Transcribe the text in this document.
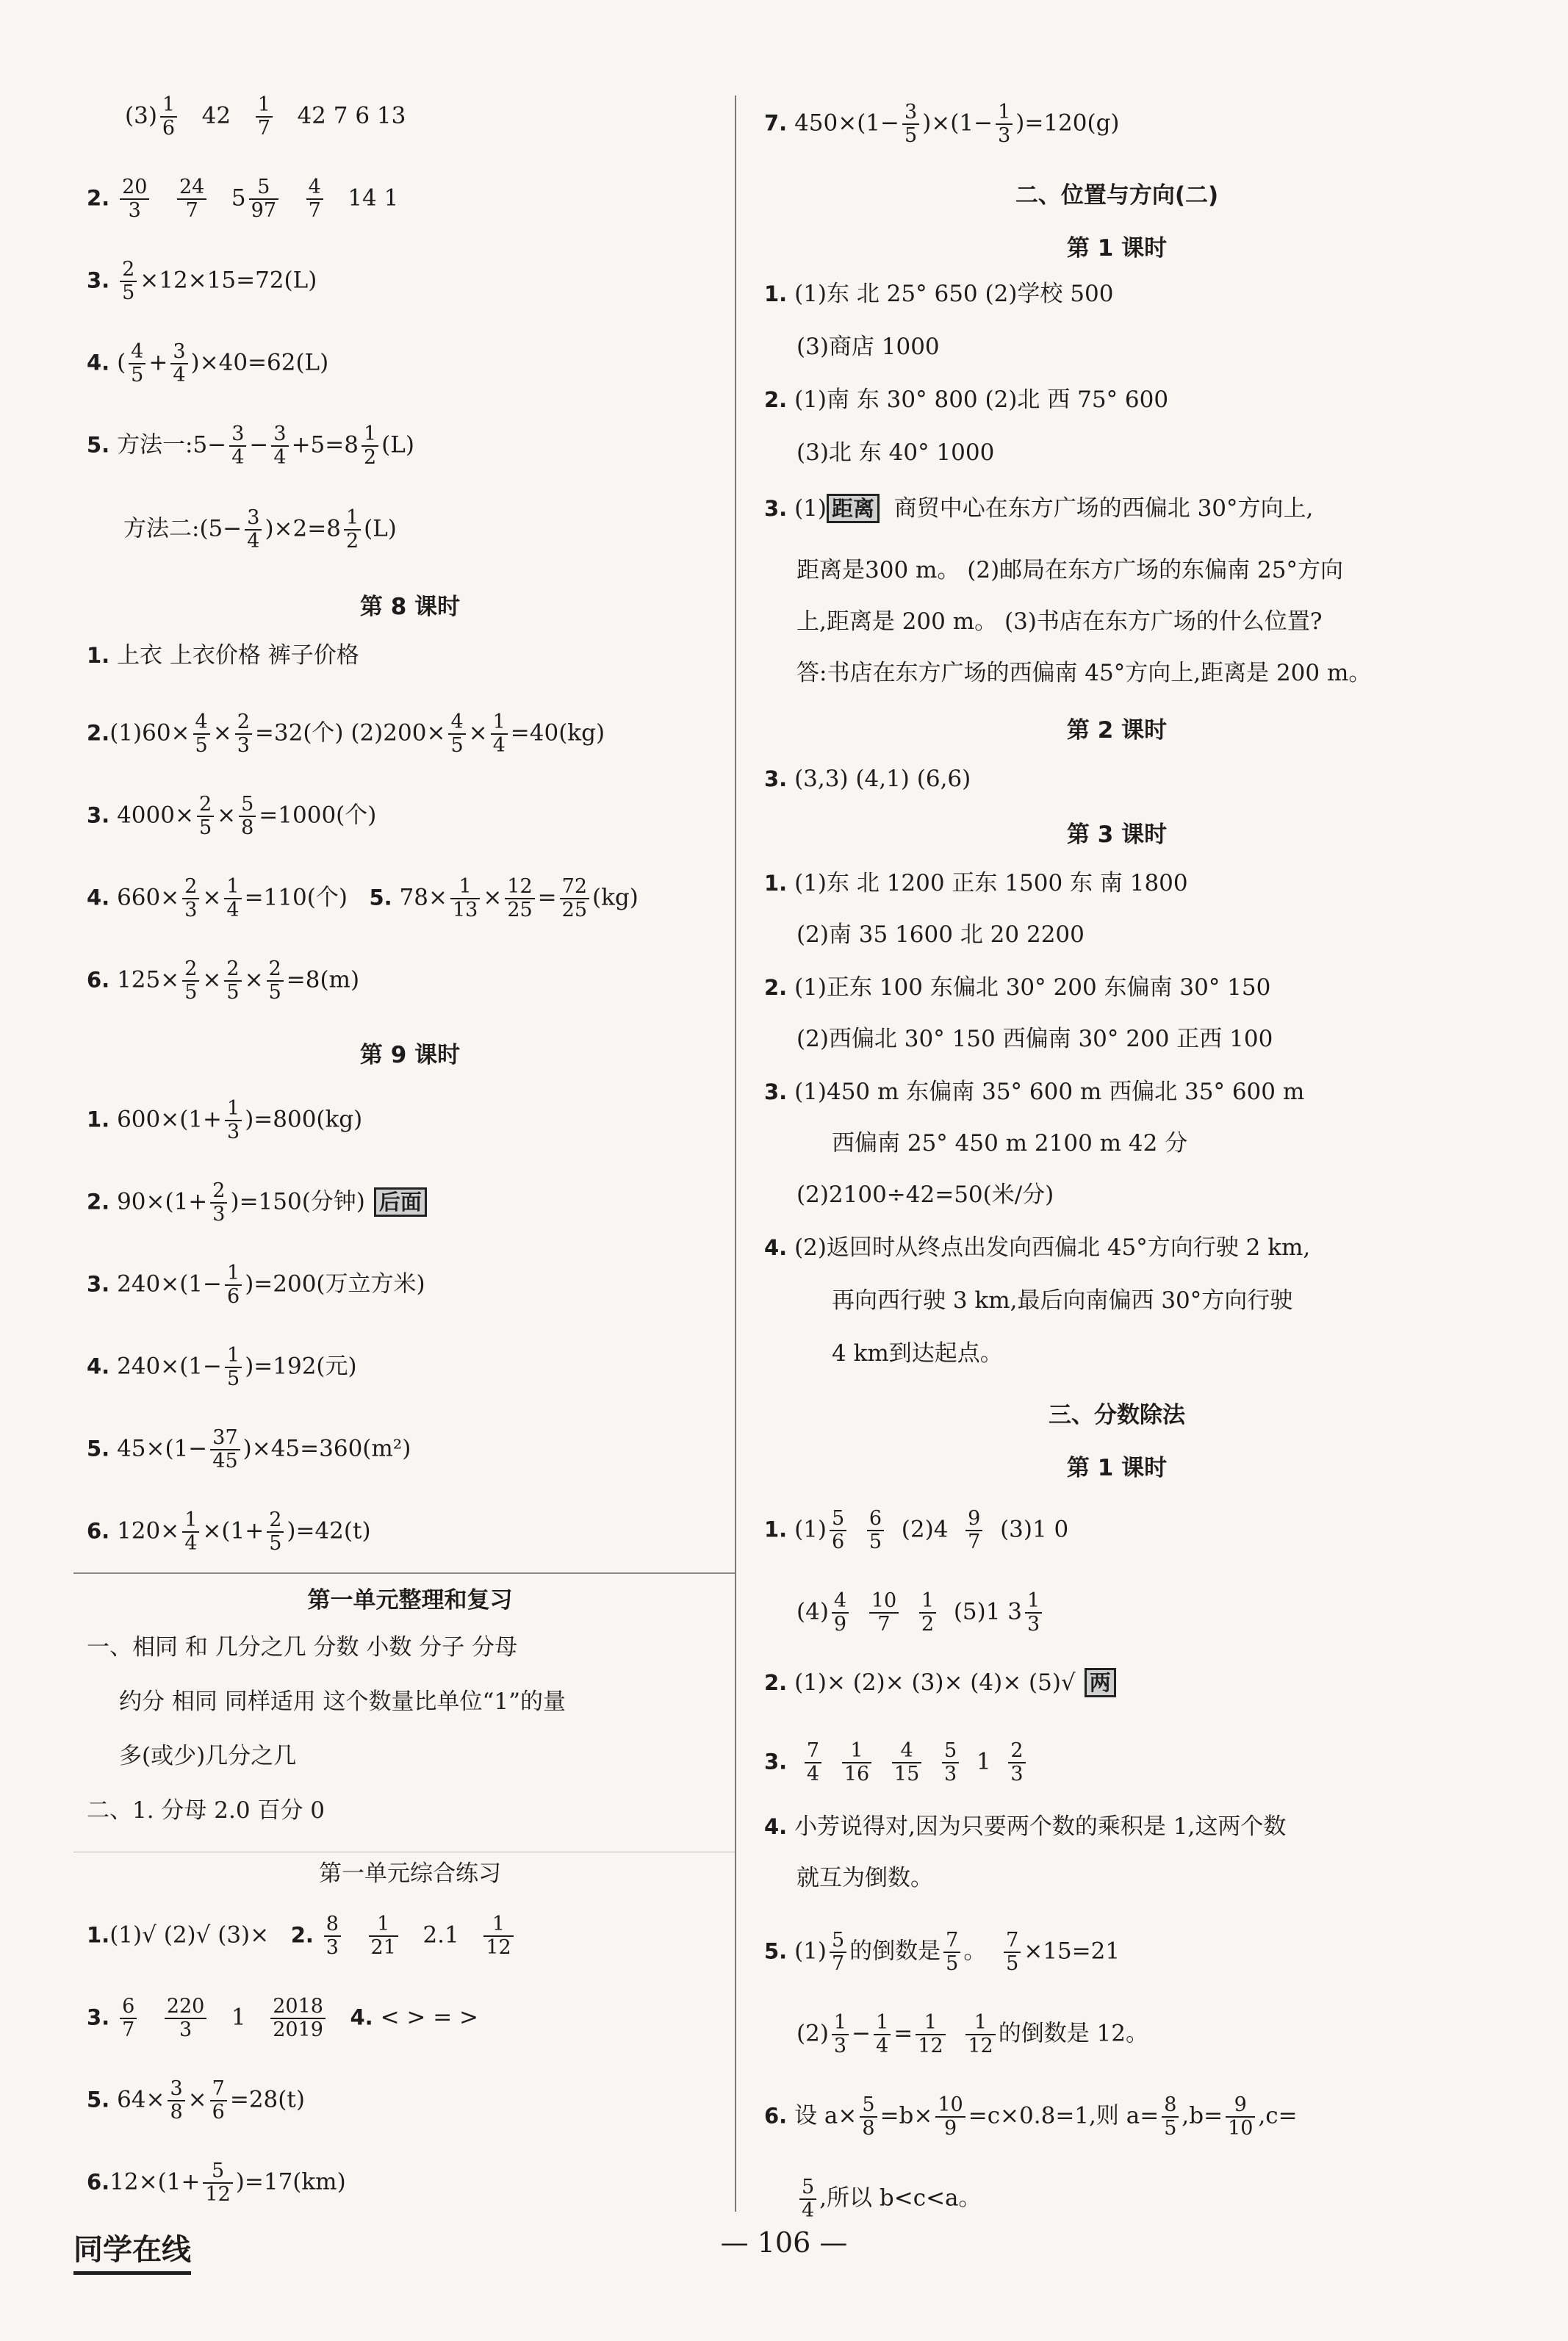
$(3) \frac{1}{6} 42 \frac{1}{7} 42$ 7 6 13
2. $\frac{20}{3}$
$\frac{24}{7} 5 \frac{5}{97}$
$\frac{4}{7} 14$ 1
3. $\frac{2}{5} \times 12\times 15=72(L)$
4. ( $\frac{4}{5} + \frac{3}{4} )\times 40=62(L)$
5. 方法一:5− $\frac{3}{4} - \frac{3}{4} +5=8 \frac{1}{2} (L)$
方法二:(5− $\frac{3}{4} )\times 2=8 \frac{1}{2} (L)$
第 8 课时
1. 上衣 上衣价格 裤子价格
$2.(1)60\times \frac{4}{5} \times \frac{2}{3} =32$(个) $(2)200\times \frac{4}{5} \times \frac{1}{4} =40(kg)$
3. $4000\times \frac{2}{5} \times \frac{5}{8} =1000$(个)
4. $660\times \frac{2}{3} \times \frac{1}{4} =110$(个) 5. $78\times \frac{1}{13} \times \frac{12}{25} = \frac{72}{25} (kg)$
6. $125\times \frac{2}{5} \times \frac{2}{5} \times \frac{2}{5} =8(m)$
第 9 课时
1. $600\times(1+ \frac{1}{3} )=800(kg)$
2. $90\times(1+ \frac{2}{3} )=150$(分钟) 后面
3. $240\times(1- \frac{1}{6} )=200$(万立方米)
4. $240\times(1- \frac{1}{5} )=192$(元)
5. $45\times(1- \frac{37}{45} )\times 45=360(m^2)$
6. $120\times \frac{1}{4} \times(1+ \frac{2}{5} )=42(t)$
第一单元整理和复习
一、相同 和 几分之几 分数 小数 分子 分母
约分 相同 同样适用 这个数量比单位“1”的量
多(或少)几分之几
二、1. 分母 2.0 百分 0
第一单元综合练习
1.(1)√ (2)√ (3)× 2. $\frac{8}{3}$
$\frac{1}{21} 2.1 \frac{1}{12}$
3. $\frac{6}{7}$
$\frac{220}{3} 1 \frac{2018}{2019} 4$. < > = >
5. $64\times \frac{3}{8} \times \frac{7}{6} =28(t)$
$6.12\times(1+ \frac{5}{12} )=17(km)$
7. $450\times(1- \frac{3}{5} )\times(1- \frac{1}{3} )=120(g)$
二、位置与方向(二)
第 1 课时
1. (1)东 北 25° 650 (2)学校 500
(3)商店 1000
2. (1)南 东 30° 800 (2)北 西 75° 600
(3)北 东 40° 1000
3. (1) 距离 商贸中心在东方广场的西偏北 30°方向上,
距离是300 m。 (2)邮局在东方广场的东偏南 25°方向
上,距离是 200 m。 (3)书店在东方广场的什么位置?
答:书店在东方广场的西偏南 45°方向上,距离是 200 m。
第 2 课时
3. (3,3) (4,1) (6,6)
第 3 课时
1. (1)东 北 1200 正东 1500 东 南 1800
(2)南 35 1600 北 20 2200
2. (1)正东 100 东偏北 30° 200 东偏南 30° 150
(2)西偏北 30° 150 西偏南 30° 200 正西 100
3. (1)450 m 东偏南 35° 600 m 西偏北 35° 600 m
西偏南 25° 450 m 2100 m 42 分
(2)2100÷42=50(米/分)
4. (2)返回时从终点出发向西偏北 45°方向行驶 2 km,
再向西行驶 3 km,最后向南偏西 30°方向行驶
4 km到达起点。
三、分数除法
第 1 课时
1. $(1) \frac{5}{6}$
$\frac{6}{5} (2)4 \frac{9}{7} (3)1$ 0
$(4) \frac{4}{9}$
$\frac{10}{7}$
$\frac{1}{2} (5)1$ $3 \frac{1}{3}$
2. (1)× (2)× (3)× (4)× (5)√ 两
3. $\frac{7}{4}$
$\frac{1}{16}$
$\frac{4}{15}$
$\frac{5}{3} 1 \frac{2}{3}$
4. 小芳说得对,因为只要两个数的乘积是 1,这两个数
就互为倒数。
5. $(1) \frac{5}{7}$ 的倒数是 $\frac{7}{5}$ 。 $\frac{7}{5} \times 15=21$
$(2) \frac{1}{3} - \frac{1}{4} = \frac{1}{12}$
$\frac{1}{12}$ 的倒数是 12。
6. 设 $a\times \frac{5}{8} =b\times \frac{10}{9} =c\times 0.8=1$,则 $a= \frac{8}{5} ,b= \frac{9}{10} ,c=$
$\frac{5}{4}$ ,所以 b<c<a。
同学在线	— 106 —
